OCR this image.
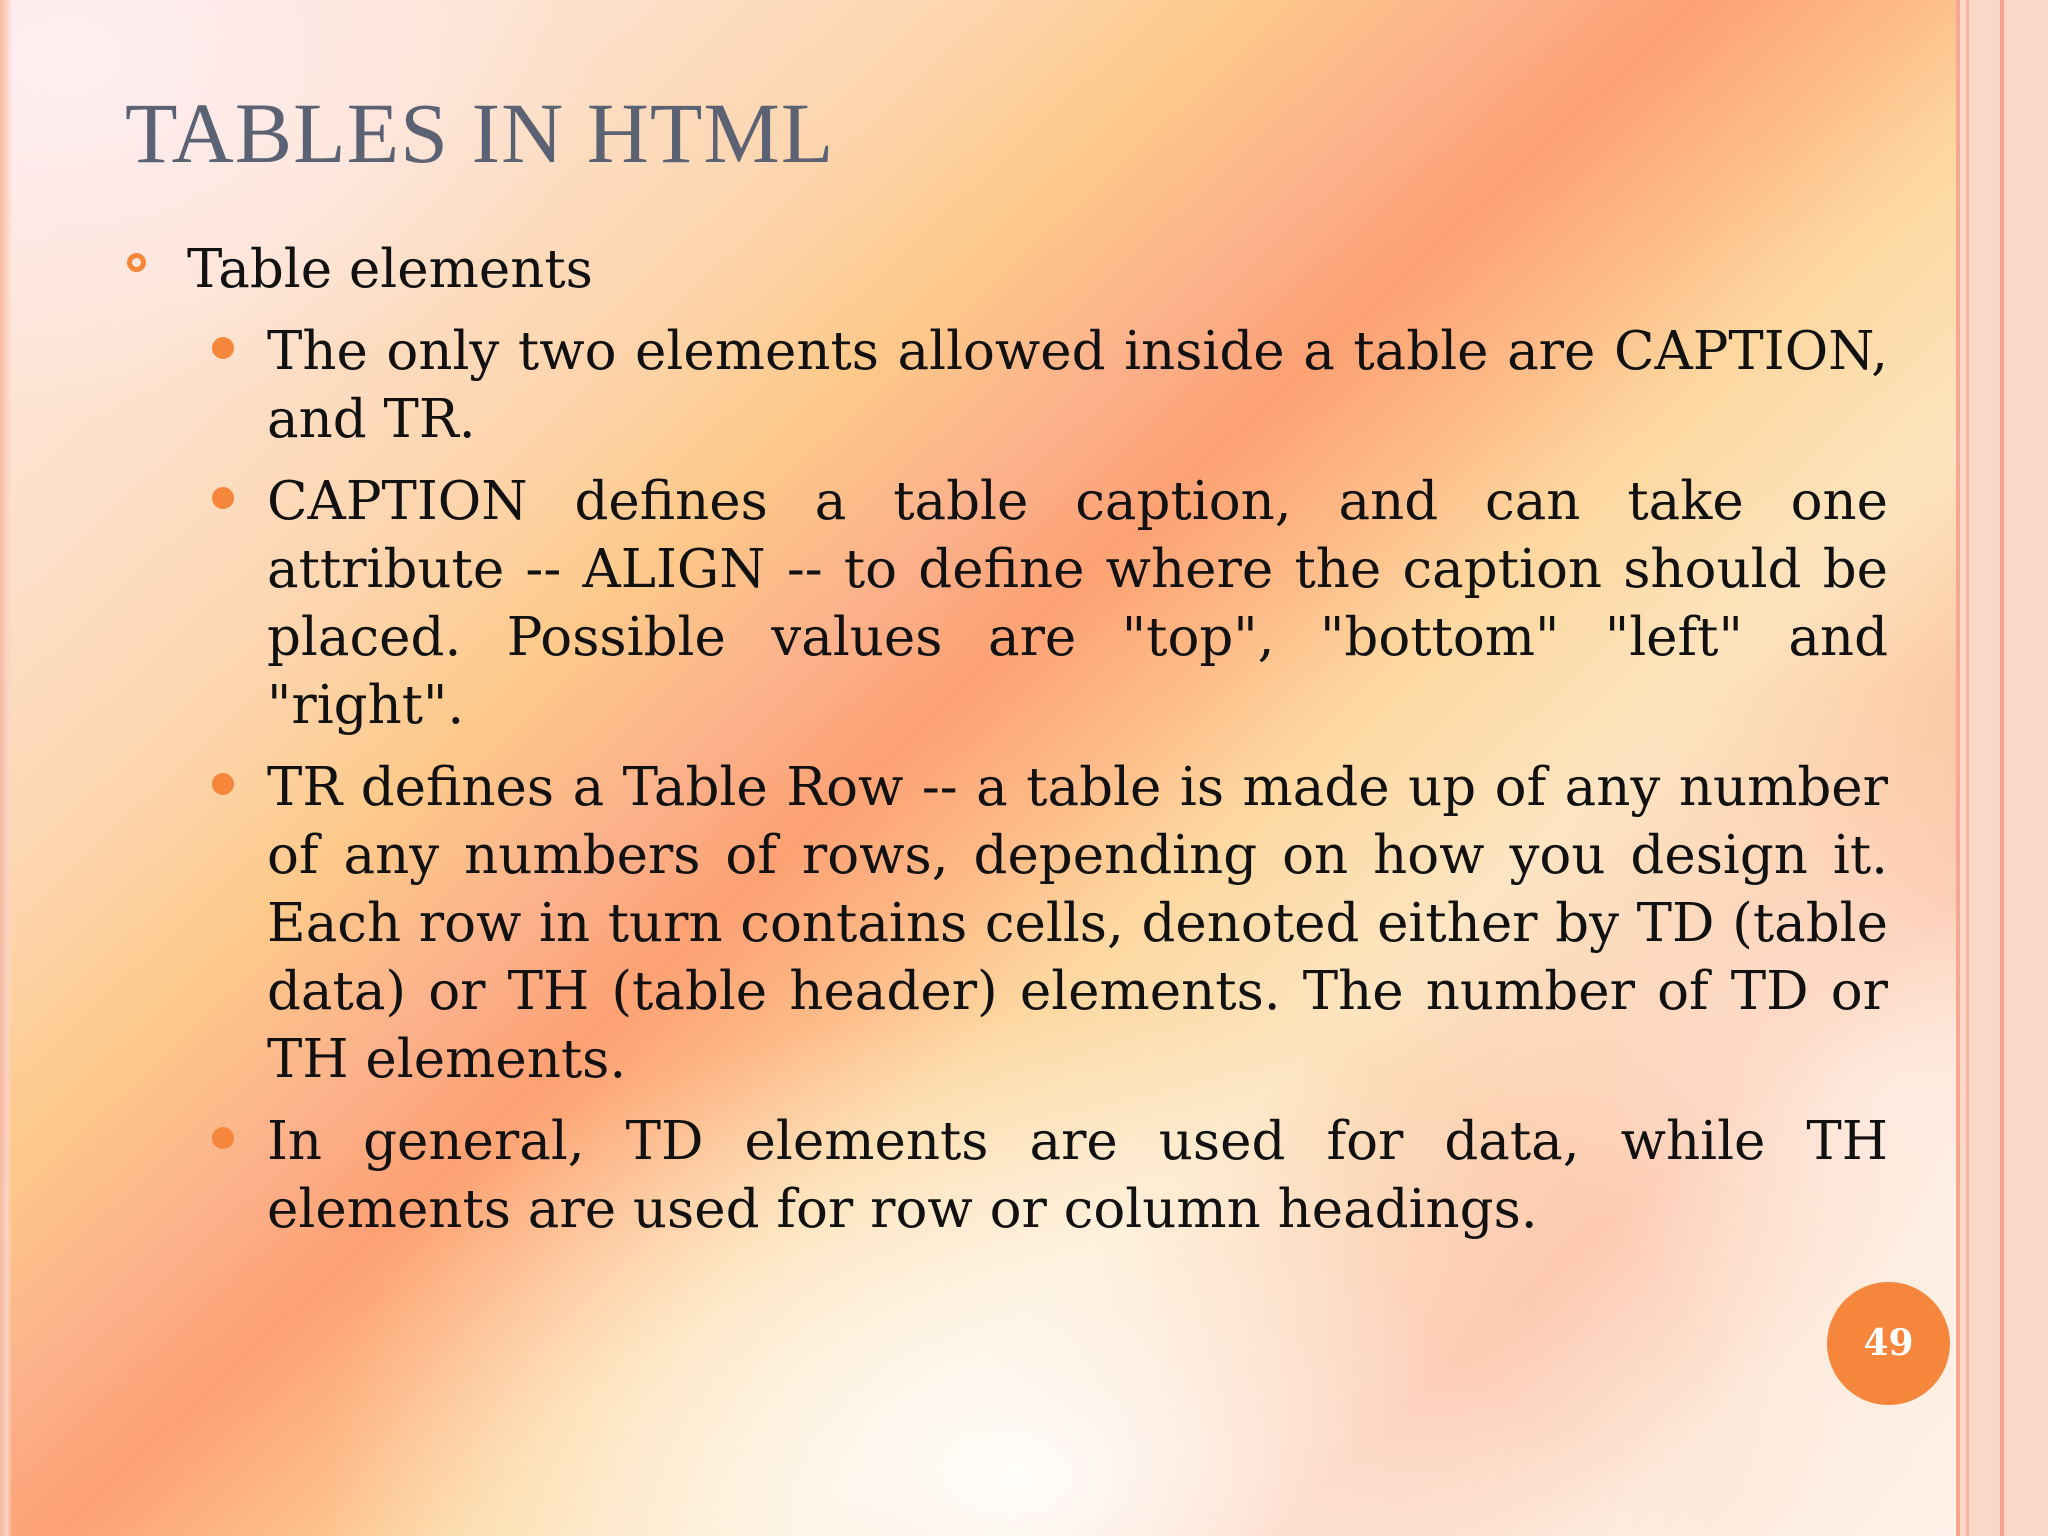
TABLES IN HTML
Table elements
The only two elements allowed inside a table are CAPTION, and TR.
CAPTION defines a table caption, and can take one attribute -- ALIGN -- to define where the caption should be placed. Possible values are "top", "bottom" "left" and "right".
TR defines a Table Row -- a table is made up of any number of any numbers of rows, depending on how you design it. Each row in turn contains cells, denoted either by TD (table data) or TH (table header) elements. The number of TD or TH elements.
In general, TD elements are used for data, while TH elements are used for row or column headings.
49
